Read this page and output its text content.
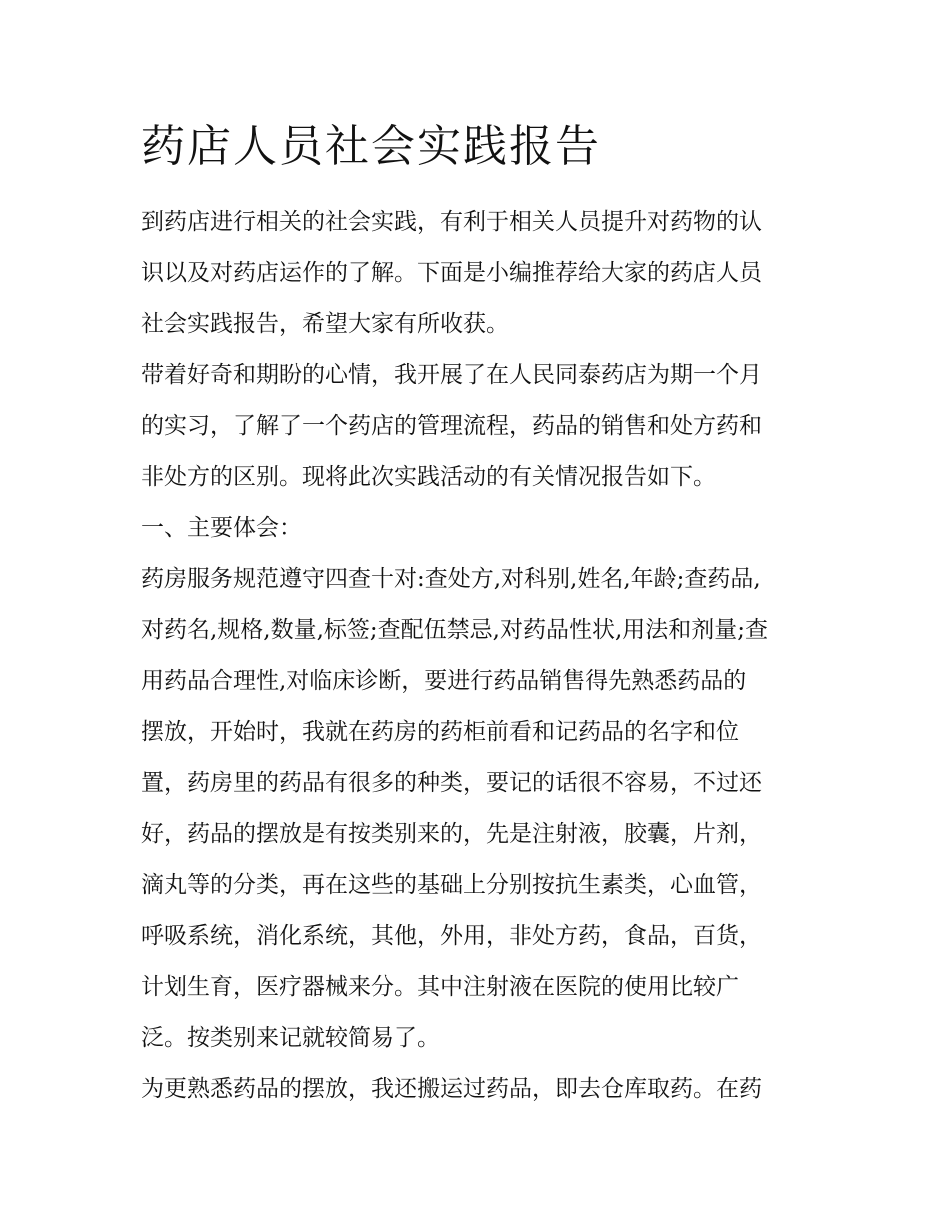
药店人员社会实践报告

到药店进行相关的社会实践，有利于相关人员提升对药物的认

识以及对药店运作的了解。下面是小编推荐给大家的药店人员

社会实践报告，希望大家有所收获。

带着好奇和期盼的心情，我开展了在人民同泰药店为期一个月

的实习，了解了一个药店的管理流程，药品的销售和处方药和

非处方的区别。现将此次实践活动的有关情况报告如下。

一、主要体会：

药房服务规范遵守四查十对:查处方,对科别,姓名,年龄;查药品,

对药名,规格,数量,标签;查配伍禁忌,对药品性状,用法和剂量;查

用药品合理性,对临床诊断，要进行药品销售得先熟悉药品的

摆放，开始时，我就在药房的药柜前看和记药品的名字和位

置，药房里的药品有很多的种类，要记的话很不容易，不过还

好，药品的摆放是有按类别来的，先是注射液，胶囊，片剂，

滴丸等的分类，再在这些的基础上分别按抗生素类，心血管，

呼吸系统，消化系统，其他，外用，非处方药，食品，百货，

计划生育，医疗器械来分。其中注射液在医院的使用比较广

泛。按类别来记就较简易了。

为更熟悉药品的摆放，我还搬运过药品，即去仓库取药。在药
